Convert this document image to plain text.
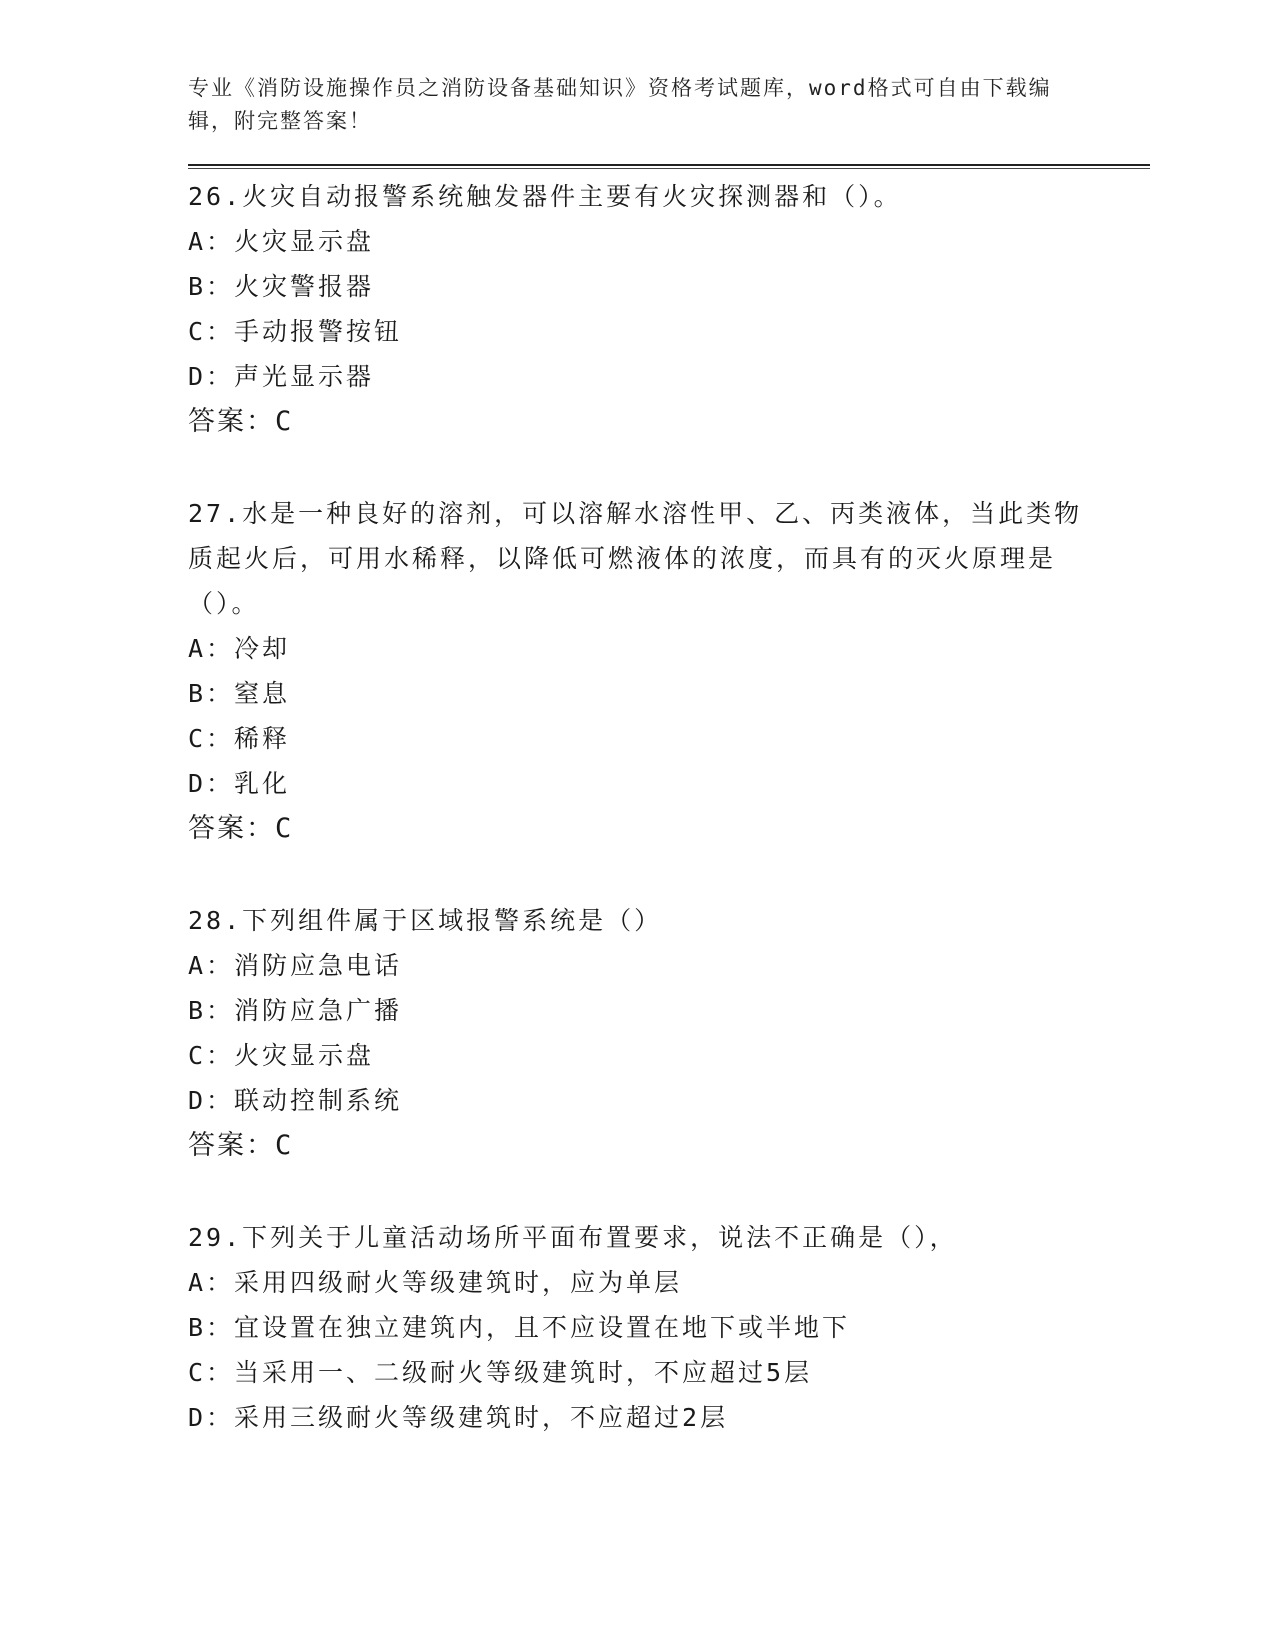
专业《消防设施操作员之消防设备基础知识》资格考试题库，word格式可自由下载编辑，附完整答案！
26.火灾自动报警系统触发器件主要有火灾探测器和（）。
A：火灾显示盘
B：火灾警报器
C：手动报警按钮
D：声光显示器
答案：C
27.水是一种良好的溶剂，可以溶解水溶性甲、乙、丙类液体，当此类物质起火后，可用水稀释，以降低可燃液体的浓度，而具有的灭火原理是（）。
A：冷却
B：窒息
C：稀释
D：乳化
答案：C
28.下列组件属于区域报警系统是（）
A：消防应急电话
B：消防应急广播
C：火灾显示盘
D：联动控制系统
答案：C
29.下列关于儿童活动场所平面布置要求，说法不正确是（），
A：采用四级耐火等级建筑时，应为单层
B：宜设置在独立建筑内，且不应设置在地下或半地下
C：当采用一、二级耐火等级建筑时，不应超过5层
D：采用三级耐火等级建筑时，不应超过2层
